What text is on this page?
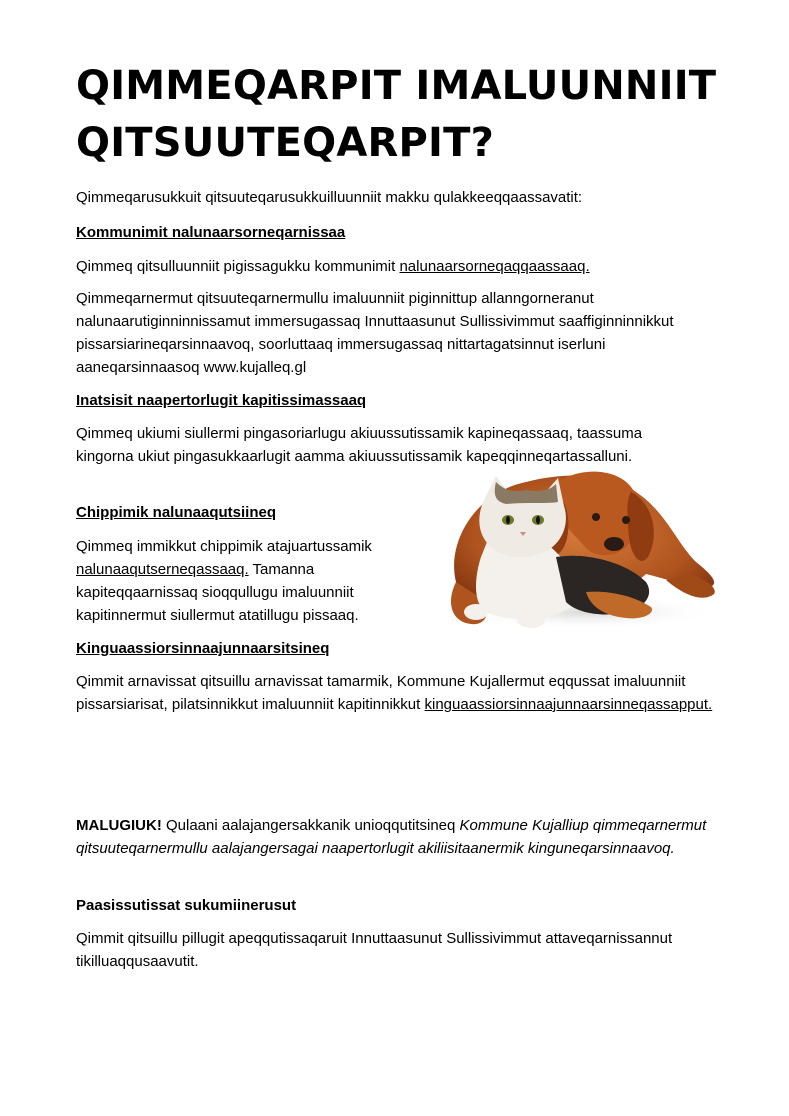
QIMMEQARPIT IMALUUNNIIT
QITSUUTEQARPIT?
Qimmeqarusukkuit qitsuuteqarusukkuilluunniit makku qulakkeeqqaassavatit:
Kommunimit nalunaarsorneqarnissaa
Qimmeq qitsulluunniit pigissagukku kommunimit nalunaarsorneqaqqaassaaq.
Qimmeqarnermut qitsuuteqarnermullu imaluunniit piginnittup allanngorneranut nalunaarutiginninnissamut immersugassaq Innuttaasunut Sullissivimmut saaffiginninnikkut pissarsiarineqarsinnaavoq, soorluttaaq immersugassaq nittartagatsinnut iserluni aaneqarsinnaasoq www.kujalleq.gl
Inatsisit naapertorlugit kapitissimassaaq
Qimmeq ukiumi siullermi pingasoriarlugu akiuussutissamik kapineqassaaq, taassuma kingorna ukiut pingasukkaarlugit aamma akiuussutissamik kapeqqinneqartassalluni.
Chippimik nalunaaqutsiineq
Qimmeq immikkut chippimik atajuartussamik nalunaaqutserneqassaaq. Tamanna kapiteqqaarnissaq sioqqullugu imaluunniit kapitinnermut siullermut atatillugu pissaaq.
Kinguaassiorsinnaajunnaarsitsineq
Qimmit arnavissat qitsuillu arnavissat tamarmik, Kommune Kujallermut eqqussat imaluunniit pissarsiarisat, pilatsinnikkut imaluunniit kapitinnikkut kinguaassiorsinnaajunnaarsinneqassapput.
MALUGIUK! Qulaani aalajangersakkanik unioqqutitsineq Kommune Kujalliup qimmeqarnermut qitsuuteqarnermullu aalajangersagai naapertorlugit akiliisitaanermik kinguneqarsinnaavoq.
Paasissutissat sukumiinerusut
Qimmit qitsuillu pillugit apeqqutissaqaruit Innuttaasunut Sullissivimmut attaveqarnissannut tikilluaqqusaavutit.
